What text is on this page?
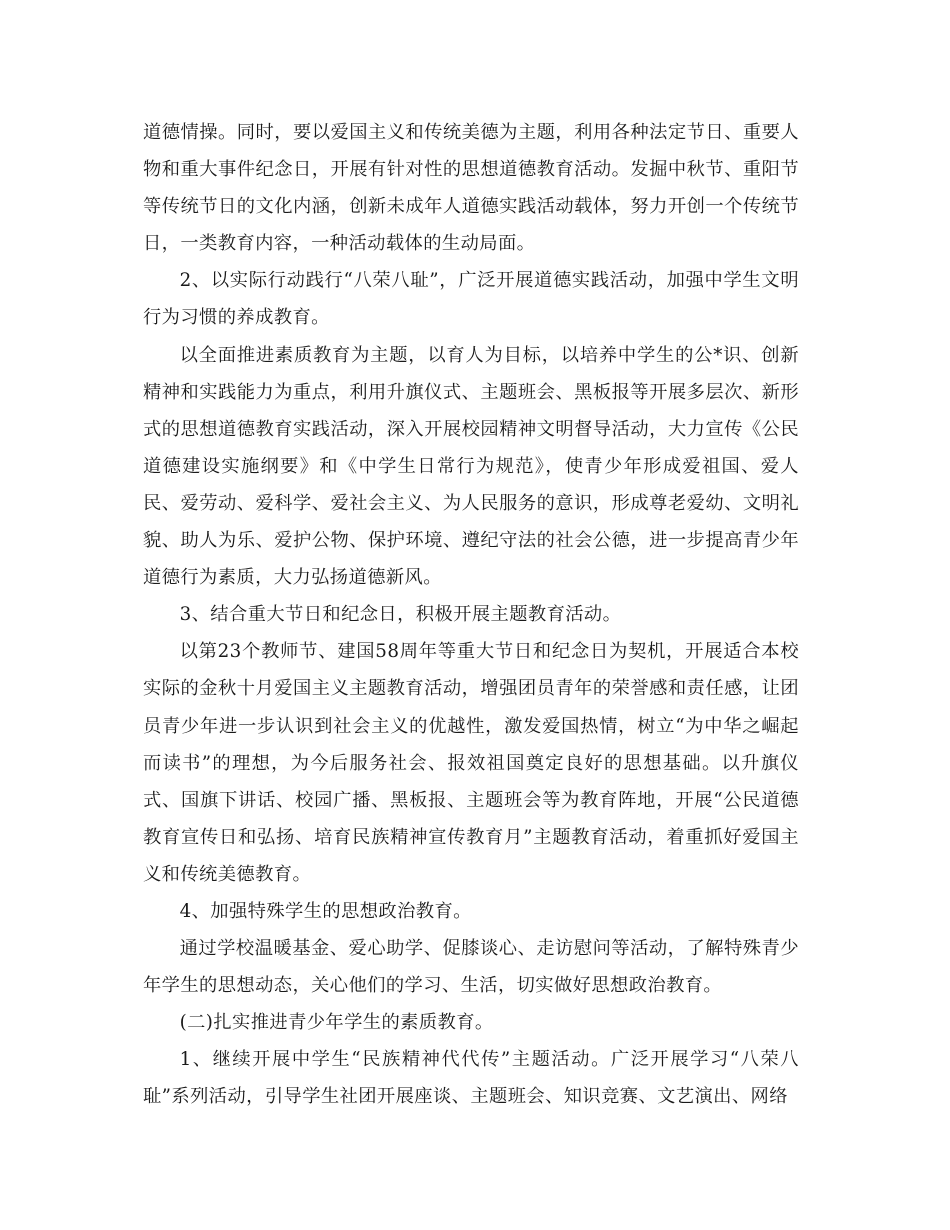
道德情操。同时，要以爱国主义和传统美德为主题，利用各种法定节日、重要人物和重大事件纪念日，开展有针对性的思想道德教育活动。发掘中秋节、重阳节等传统节日的文化内涵，创新未成年人道德实践活动载体，努力开创一个传统节日，一类教育内容，一种活动载体的生动局面。

2、以实际行动践行“八荣八耻”，广泛开展道德实践活动，加强中学生文明行为习惯的养成教育。

以全面推进素质教育为主题，以育人为目标，以培养中学生的公*识、创新精神和实践能力为重点，利用升旗仪式、主题班会、黑板报等开展多层次、新形式的思想道德教育实践活动，深入开展校园精神文明督导活动，大力宣传《公民道德建设实施纲要》和《中学生日常行为规范》，使青少年形成爱祖国、爱人民、爱劳动、爱科学、爱社会主义、为人民服务的意识，形成尊老爱幼、文明礼貌、助人为乐、爱护公物、保护环境、遵纪守法的社会公德，进一步提高青少年道德行为素质，大力弘扬道德新风。

3、结合重大节日和纪念日，积极开展主题教育活动。

以第23个教师节、建国58周年等重大节日和纪念日为契机，开展适合本校实际的金秋十月爱国主义主题教育活动，增强团员青年的荣誉感和责任感，让团员青少年进一步认识到社会主义的优越性，激发爱国热情，树立“为中华之崛起而读书”的理想，为今后服务社会、报效祖国奠定良好的思想基础。以升旗仪式、国旗下讲话、校园广播、黑板报、主题班会等为教育阵地，开展“公民道德教育宣传日和弘扬、培育民族精神宣传教育月”主题教育活动，着重抓好爱国主义和传统美德教育。

4、加强特殊学生的思想政治教育。

通过学校温暖基金、爱心助学、促膝谈心、走访慰问等活动，了解特殊青少年学生的思想动态，关心他们的学习、生活，切实做好思想政治教育。

(二)扎实推进青少年学生的素质教育。

1、继续开展中学生“民族精神代代传”主题活动。广泛开展学习“八荣八耻”系列活动，引导学生社团开展座谈、主题班会、知识竞赛、文艺演出、网络
